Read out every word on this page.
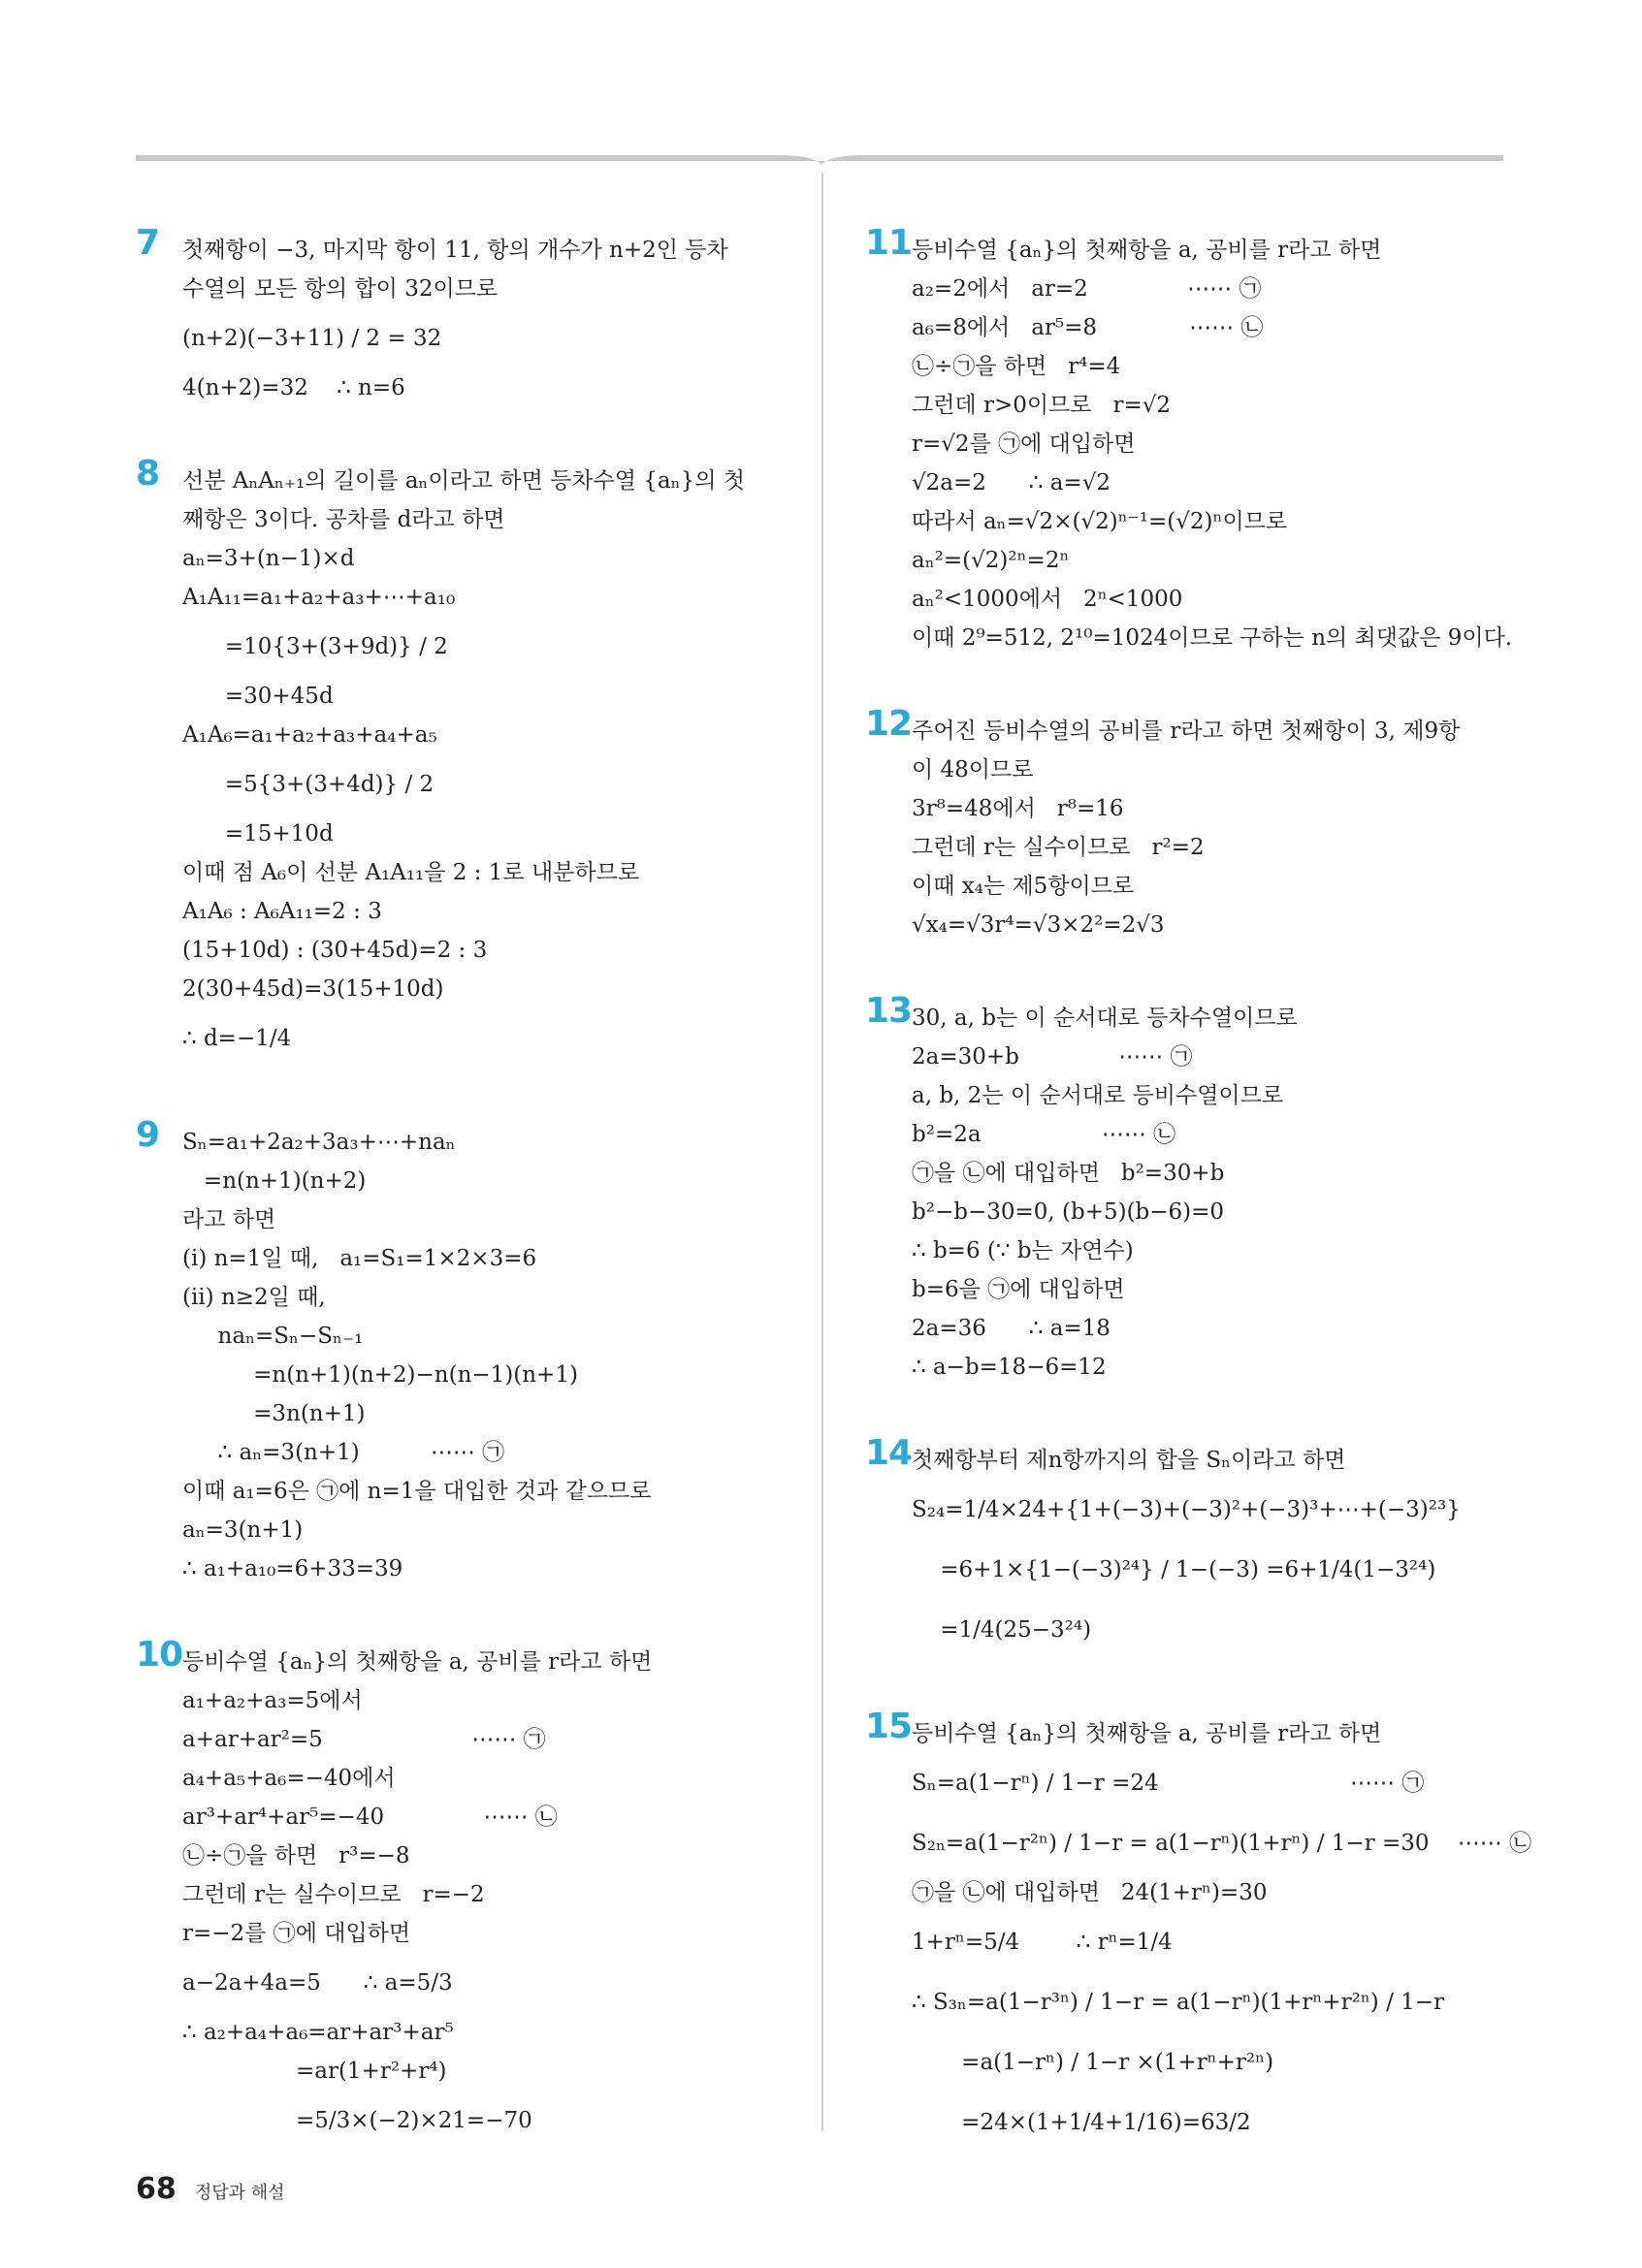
7 첫째항이 −3, 마지막 항이 11, 항의 개수가 n+2인 등차
수열의 모든 항의 합이 32이므로
(n+2)(−3+11) / 2 = 32
4(n+2)=32    ∴ n=6
8 선분 AₙAₙ₊₁의 길이를 aₙ이라고 하면 등차수열 {aₙ}의 첫
째항은 3이다. 공차를 d라고 하면
aₙ=3+(n−1)×d
A₁A₁₁=a₁+a₂+a₃+⋯+a₁₀
=10{3+(3+9d)} / 2
=30+45d
A₁A₆=a₁+a₂+a₃+a₄+a₅
=5{3+(3+4d)} / 2
=15+10d
이때 점 A₆이 선분 A₁A₁₁을 2 : 1로 내분하므로
A₁A₆ : A₆A₁₁=2 : 3
(15+10d) : (30+45d)=2 : 3
2(30+45d)=3(15+10d)
∴ d=−1/4
9 Sₙ=a₁+2a₂+3a₃+⋯+naₙ
=n(n+1)(n+2)
라고 하면
(ⅰ) n=1일 때,   a₁=S₁=1×2×3=6
(ⅱ) n≥2일 때,
naₙ=Sₙ−Sₙ₋₁
=n(n+1)(n+2)−n(n−1)(n+1)
=3n(n+1)
∴ aₙ=3(n+1)          ⋯⋯ ㉠
이때 a₁=6은 ㉠에 n=1을 대입한 것과 같으므로
aₙ=3(n+1)
∴ a₁+a₁₀=6+33=39
10 등비수열 {aₙ}의 첫째항을 a, 공비를 r라고 하면
a₁+a₂+a₃=5에서
a+ar+ar²=5                     ⋯⋯ ㉠
a₄+a₅+a₆=−40에서
ar³+ar⁴+ar⁵=−40              ⋯⋯ ㉡
㉡÷㉠을 하면   r³=−8
그런데 r는 실수이므로   r=−2
r=−2를 ㉠에 대입하면
a−2a+4a=5      ∴ a=5/3
∴ a₂+a₄+a₆=ar+ar³+ar⁵
=ar(1+r²+r⁴)
=5/3×(−2)×21=−70
11 등비수열 {aₙ}의 첫째항을 a, 공비를 r라고 하면
a₂=2에서   ar=2              ⋯⋯ ㉠
a₆=8에서   ar⁵=8             ⋯⋯ ㉡
㉡÷㉠을 하면   r⁴=4
그런데 r>0이므로   r=√2
r=√2를 ㉠에 대입하면
√2a=2      ∴ a=√2
따라서 aₙ=√2×(√2)ⁿ⁻¹=(√2)ⁿ이므로
aₙ²=(√2)²ⁿ=2ⁿ
aₙ²<1000에서   2ⁿ<1000
이때 2⁹=512, 2¹⁰=1024이므로 구하는 n의 최댓값은 9이다.
12 주어진 등비수열의 공비를 r라고 하면 첫째항이 3, 제9항
이 48이므로
3r⁸=48에서   r⁸=16
그런데 r는 실수이므로   r²=2
이때 x₄는 제5항이므로
√x₄=√3r⁴=√3×2²=2√3
13 30, a, b는 이 순서대로 등차수열이므로
2a=30+b              ⋯⋯ ㉠
a, b, 2는 이 순서대로 등비수열이므로
b²=2a                 ⋯⋯ ㉡
㉠을 ㉡에 대입하면   b²=30+b
b²−b−30=0, (b+5)(b−6)=0
∴ b=6 (∵ b는 자연수)
b=6을 ㉠에 대입하면
2a=36      ∴ a=18
∴ a−b=18−6=12
14 첫째항부터 제n항까지의 합을 Sₙ이라고 하면
S₂₄=1/4×24+{1+(−3)+(−3)²+(−3)³+⋯+(−3)²³}
=6+1×{1−(−3)²⁴} / 1−(−3) =6+1/4(1−3²⁴)
=1/4(25−3²⁴)
15 등비수열 {aₙ}의 첫째항을 a, 공비를 r라고 하면
Sₙ=a(1−rⁿ) / 1−r =24                           ⋯⋯ ㉠
S₂ₙ=a(1−r²ⁿ) / 1−r = a(1−rⁿ)(1+rⁿ) / 1−r =30    ⋯⋯ ㉡
㉠을 ㉡에 대입하면   24(1+rⁿ)=30
1+rⁿ=5/4        ∴ rⁿ=1/4
∴ S₃ₙ=a(1−r³ⁿ) / 1−r = a(1−rⁿ)(1+rⁿ+r²ⁿ) / 1−r
=a(1−rⁿ) / 1−r ×(1+rⁿ+r²ⁿ)
=24×(1+1/4+1/16)=63/2
68 정답과 해설
